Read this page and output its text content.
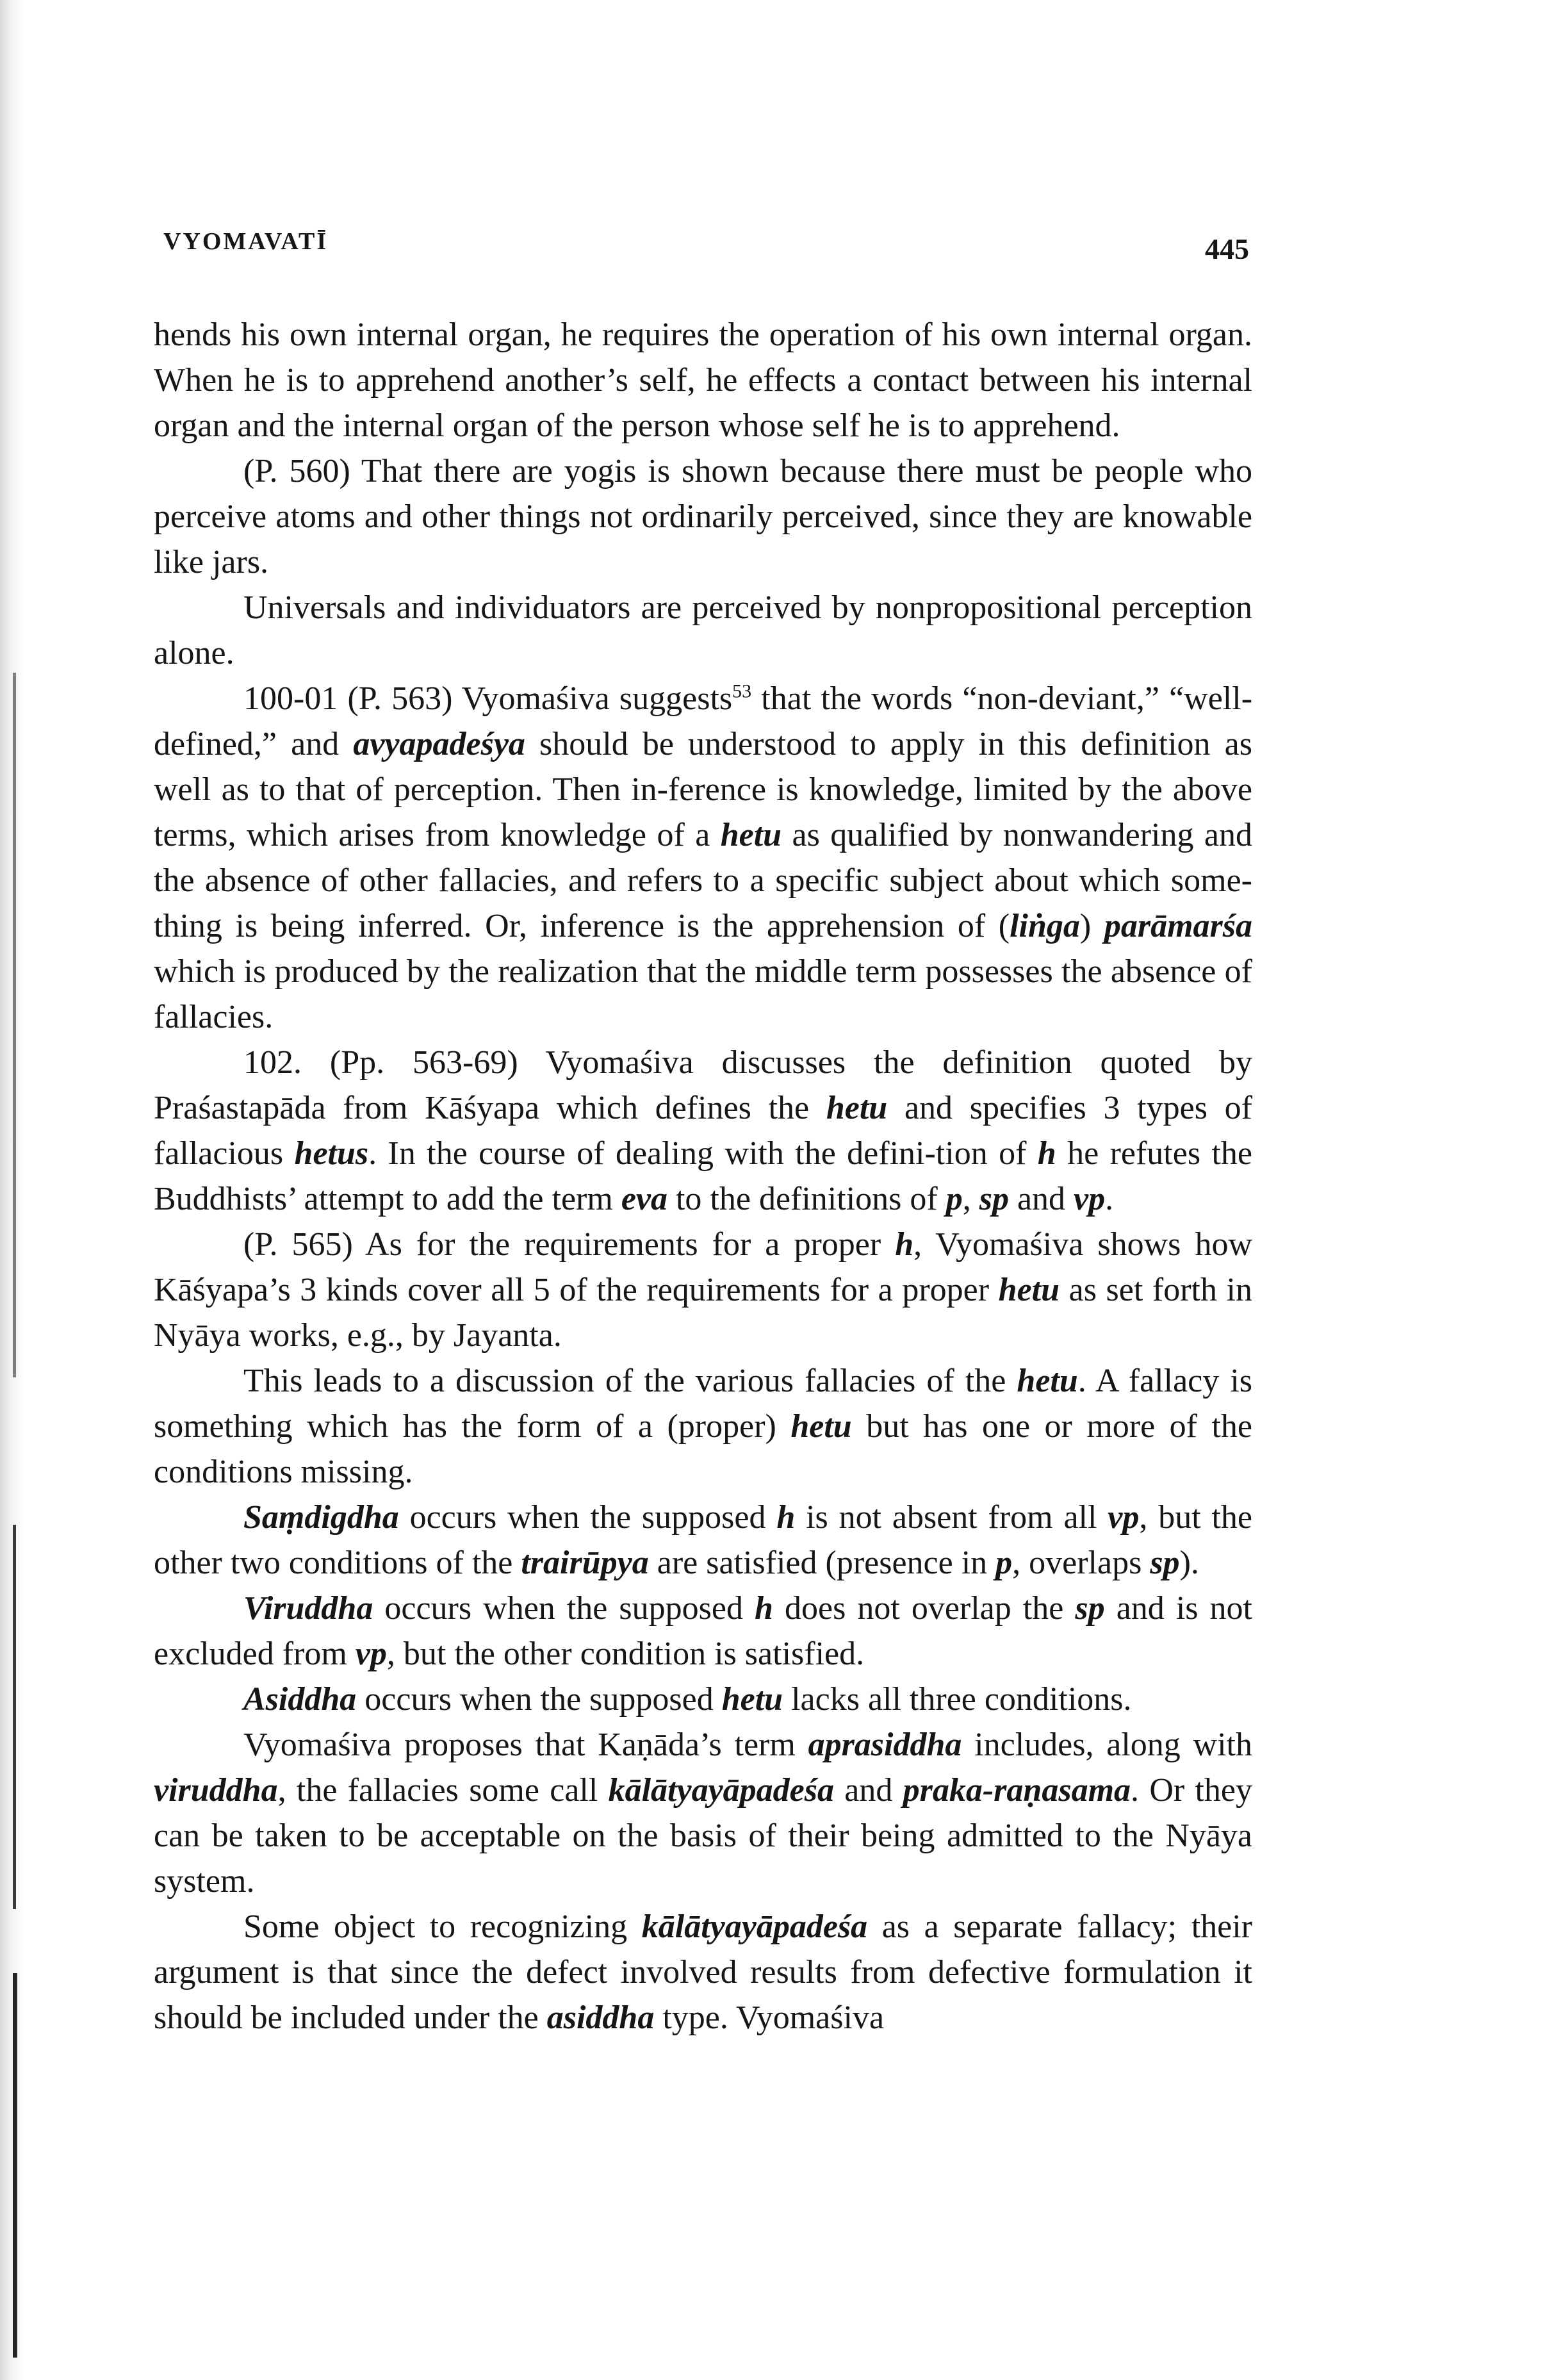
VYOMAVATĪ	445

hends his own internal organ, he requires the operation of his own internal organ. When he is to apprehend another’s self, he effects a contact between his internal organ and the internal organ of the person whose self he is to apprehend.

(P. 560) That there are yogis is shown because there must be people who perceive atoms and other things not ordinarily perceived, since they are knowable like jars.

Universals and individuators are perceived by nonpropositional perception alone.

100-01 (P. 563) Vyomaśiva suggests$^{53}$ that the words “non-deviant,” “well-defined,” and avyapadeśya should be understood to apply in this definition as well as to that of perception. Then in-ference is knowledge, limited by the above terms, which arises from knowledge of a hetu as qualified by nonwandering and the absence of other fallacies, and refers to a specific subject about which some-thing is being inferred. Or, inference is the apprehension of (liṅga) parāmarśa which is produced by the realization that the middle term possesses the absence of fallacies.

102. (Pp. 563-69) Vyomaśiva discusses the definition quoted by Praśastapāda from Kāśyapa which defines the hetu and specifies 3 types of fallacious hetus. In the course of dealing with the defini-tion of h he refutes the Buddhists’ attempt to add the term eva to the definitions of p, sp and vp.

(P. 565) As for the requirements for a proper h, Vyomaśiva shows how Kāśyapa’s 3 kinds cover all 5 of the requirements for a proper hetu as set forth in Nyāya works, e.g., by Jayanta.

This leads to a discussion of the various fallacies of the hetu. A fallacy is something which has the form of a (proper) hetu but has one or more of the conditions missing.

Saṃdigdha occurs when the supposed h is not absent from all vp, but the other two conditions of the trairūpya are satisfied (presence in p, overlaps sp).

Viruddha occurs when the supposed h does not overlap the sp and is not excluded from vp, but the other condition is satisfied.

Asiddha occurs when the supposed hetu lacks all three conditions.

Vyomaśiva proposes that Kaṇāda’s term aprasiddha includes, along with viruddha, the fallacies some call kālātyayāpadeśa and praka-raṇasama. Or they can be taken to be acceptable on the basis of their being admitted to the Nyāya system.

Some object to recognizing kālātyayāpadeśa as a separate fallacy; their argument is that since the defect involved results from defective formulation it should be included under the asiddha type. Vyomaśiva
